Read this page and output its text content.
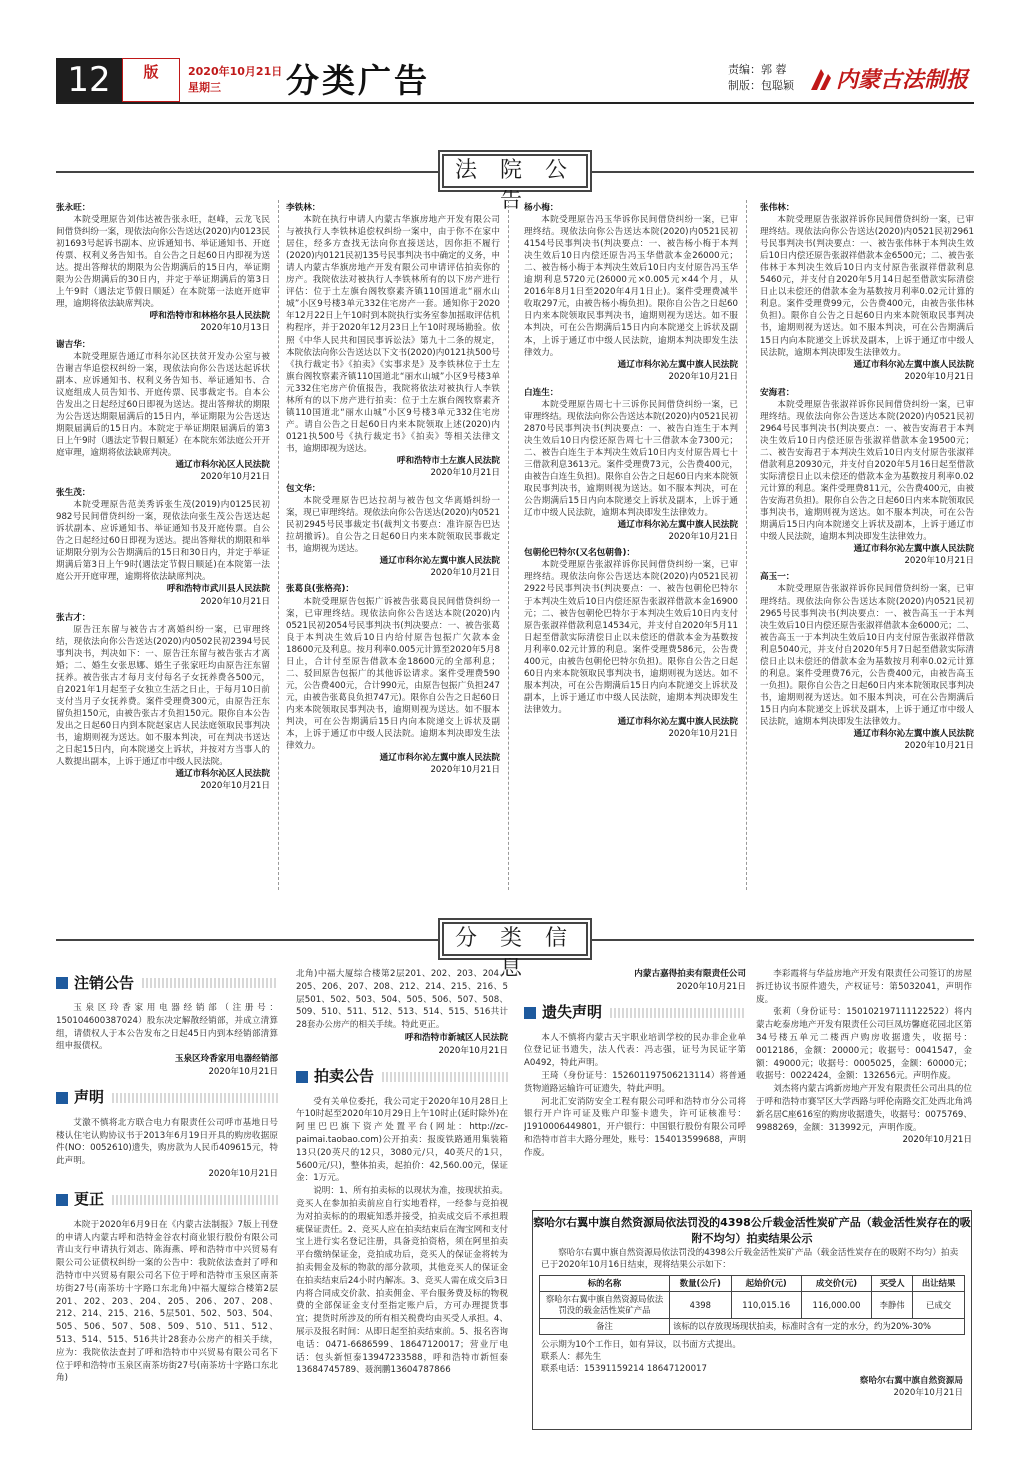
12	版	2020年10月21日
星期三	分类广告	责编：郭 蓉
制版：包聪颖	内蒙古法制报
法 院 公 告
张永旺：
本院受理原告刘伟达被告张永旺，赵峰，云龙飞民间借贷纠纷一案，现依法向你公告送达(2020)内0123民初1693号起诉书副本、应诉通知书、举证通知书、开庭传票、权利义务告知书。自公告之日起60日内即视为送达。提出答辩状的期限为公告期满后的15日内，举证期限为公告期满后的30日内，并定于举证期满后的第3日上午9时（遇法定节假日顺延）在本院第一法庭开庭审理，逾期将依法缺席判决。
呼和浩特市和林格尔县人民法院
2020年10月13日
谢吉华：
本院受理原告通辽市科尔沁区扶贫开发办公室与被告谢吉华追偿权纠纷一案，现依法向你公告送达起诉状副本、应诉通知书、权利义务告知书、举证通知书、合议庭组成人员告知书、开庭传票、民事裁定书。自本公告发出之日起经过60日即视为送达。提出答辩状的期限为公告送达期限届满后的15日内，举证期限为公告送达期限届满后的15日内。本院定于举证期限届满后的第3日上午9时（遇法定节假日顺延）在本院东郊法庭公开开庭审理，逾期将依法缺席判决。
通辽市科尔沁区人民法院
2020年10月21日
张生茂：
本院受理原告范美秀诉张生茂(2019)内0125民初982号民间借贷纠纷一案，现依法向张生茂公告送达起诉状副本、应诉通知书、举证通知书及开庭传票。自公告之日起经过60日即视为送达。提出答辩状的期限和举证期限分别为公告期满后的15日和30日内，并定于举证期满后第3日上午9时(遇法定节假日顺延)在本院第一法庭公开开庭审理，逾期将依法缺席判决。
呼和浩特市武川县人民法院
2020年10月21日
张古才：
原告汪东留与被告古才离婚纠纷一案，已审理终结，现依法向你公告送达(2020)内0502民初2394号民事判决书，判决如下：一、原告汪东留与被告张古才离婚；二、婚生女张思娜、婚生子张家旺均由原告汪东留抚养。被告张古才每月支付每名子女抚养费各500元，自2021年1月起至子女独立生活之日止，于每月10日前支付当月子女抚养费。案件受理费300元，由原告汪东留负担150元，由被告张古才负担150元。限你自本公告发出之日起60日内到本院赵家店人民法庭领取民事判决书，逾期则视为送达。如不服本判决，可在判决书送达之日起15日内，向本院递交上诉状，并按对方当事人的人数提出副本，上诉于通辽市中级人民法院。
通辽市科尔沁区人民法院
2020年10月21日
李铁林：
本院在执行申请人内蒙古华旗房地产开发有限公司与被执行人李铁林追偿权纠纷一案中，由于你不在家中居住，经多方查找无法向你直接送达，因你拒不履行(2020)内0121民初135号民事判决书中确定的义务，申请人内蒙古华旗房地产开发有限公司申请评估拍卖你的房产。我院依法对被执行人李铁林所有的以下房产进行评估：位于土左旗台阁牧察素齐镇110国道北“丽水山城”小区9号楼3单元332住宅房产一套。通知你于2020年12月22日上午10时到本院执行实务室参加摇取评估机构程序，并于2020年12月23日上午10时现场勘验。依照《中华人民共和国民事诉讼法》第九十二条的规定，本院依法向你公告送达以下文书(2020)内0121执500号《执行裁定书》《拍卖》《实事求是》及李铁林位于土左旗台阁牧察素齐镇110国道北“丽水山城”小区9号楼3单元332住宅房产价值报告，我院将依法对被执行人李铁林所有的以下房产进行拍卖：位于土左旗台阁牧察素齐镇110国道北“丽水山城”小区9号楼3单元332住宅房产。请自公告之日起60日内来本院领取上述(2020)内0121执500号《执行裁定书》《拍卖》等相关法律文书，逾期即视为送达。
呼和浩特市土左旗人民法院
2020年10月21日
包文华：
本院受理原告巴达拉胡与被告包文华离婚纠纷一案，现已审理终结。现依法向你公告送达(2020)内0521民初2945号民事裁定书(裁判文书要点：准许原告巴达拉胡撤诉)。自公告之日起60日内来本院领取民事裁定书，逾期视为送达。
通辽市科尔沁左翼中旗人民法院
2020年10月21日
张葛良(张格亮)：
本院受理原告包振广诉被告张葛良民间借贷纠纷一案，已审理终结。现依法向你公告送达本院(2020)内0521民初2054号民事判决书(判决要点：一、被告张葛良于本判决生效后10日内给付原告包振广欠款本金18600元及利息。按月利率0.005元计算至2020年5月8日止，合计付至原告借款本金18600元的全部利息；二、驳回原告包振广的其他诉讼请求。案件受理费590元，公告费400元，合计990元，由原告包振广负担247元，由被告张葛良负担747元)。限你自公告之日起60日内来本院领取民事判决书，逾期则视为送达。如不服本判决，可在公告期满后15日内向本院递交上诉状及副本，上诉于通辽市中级人民法院。逾期本判决即发生法律效力。
通辽市科尔沁左翼中旗人民法院
2020年10月21日
杨小梅：
本院受理原告冯玉华诉你民间借贷纠纷一案，已审理终结。现依法向你公告送达本院(2020)内0521民初4154号民事判决书(判决要点：一、被告杨小梅于本判决生效后10日内偿还原告冯玉华借款本金26000元；二、被告杨小梅于本判决生效后10日内支付原告冯玉华逾期利息5720元(26000元×0.005元×44个月，从2016年8月1日至2020年4月1日止)。案件受理费减半收取297元，由被告杨小梅负担)。限你自公告之日起60日内来本院领取民事判决书，逾期则视为送达。如不服本判决，可在公告期满后15日内向本院递交上诉状及副本，上诉于通辽市中级人民法院，逾期本判决即发生法律效力。
通辽市科尔沁左翼中旗人民法院
2020年10月21日
白连生：
本院受理原告周七十三诉你民间借贷纠纷一案，已审理终结。现依法向你公告送达本院(2020)内0521民初2870号民事判决书(判决要点：一、被告白连生于本判决生效后10日内偿还原告周七十三借款本金7300元；二、被告白连生于本判决生效后10日内支付原告周七十三借款利息3613元。案件受理费73元，公告费400元，由被告白连生负担)。限你自公告之日起60日内来本院领取民事判决书，逾期则视为送达。如不服本判决，可在公告期满后15日内向本院递交上诉状及副本，上诉于通辽市中级人民法院，逾期本判决即发生法律效力。
通辽市科尔沁左翼中旗人民法院
2020年10月21日
包朝伦巴特尔(又名包朝鲁)：
本院受理原告张淑祥诉你民间借贷纠纷一案，已审理终结。现依法向你公告送达本院(2020)内0521民初2922号民事判决书(判决要点：一、被告包朝伦巴特尔于本判决生效后10日内偿还原告张淑祥借款本金16900元；二、被告包朝伦巴特尔于本判决生效后10日内支付原告张淑祥借款利息14534元，并支付自2020年5月11日起至借款实际清偿日止以未偿还的借款本金为基数按月利率0.02元计算的利息。案件受理费586元，公告费400元，由被告包朝伦巴特尔负担)。限你自公告之日起60日内来本院领取民事判决书，逾期则视为送达。如不服本判决，可在公告期满后15日内向本院递交上诉状及副本，上诉于通辽市中级人民法院，逾期本判决即发生法律效力。
通辽市科尔沁左翼中旗人民法院
2020年10月21日
张伟林：
本院受理原告张淑祥诉你民间借贷纠纷一案，已审理终结。现依法向你公告送达(2020)内0521民初2961号民事判决书(判决要点：一、被告张伟林于本判决生效后10日内偿还原告张淑祥借款本金6500元；二、被告张伟林于本判决生效后10日内支付原告张淑祥借款利息5460元，并支付自2020年5月14日起至借款实际清偿日止以未偿还的借款本金为基数按月利率0.02元计算的利息。案件受理费99元，公告费400元，由被告张伟林负担)。限你自公告之日起60日内来本院领取民事判决书，逾期则视为送达。如不服本判决，可在公告期满后15日内向本院递交上诉状及副本，上诉于通辽市中级人民法院，逾期本判决即发生法律效力。
通辽市科尔沁左翼中旗人民法院
2020年10月21日
安海君：
本院受理原告张淑祥诉你民间借贷纠纷一案，已审理终结。现依法向你公告送达本院(2020)内0521民初2964号民事判决书(判决要点：一、被告安海君于本判决生效后10日内偿还原告张淑祥借款本金19500元；二、被告安海君于本判决生效后10日内支付原告张淑祥借款利息20930元，并支付自2020年5月16日起至借款实际清偿日止以未偿还的借款本金为基数按月利率0.02元计算的利息。案件受理费811元，公告费400元，由被告安海君负担)。限你自公告之日起60日内来本院领取民事判决书，逾期则视为送达。如不服本判决，可在公告期满后15日内向本院递交上诉状及副本，上诉于通辽市中级人民法院，逾期本判决即发生法律效力。
通辽市科尔沁左翼中旗人民法院
2020年10月21日
高玉一：
本院受理原告张淑祥诉你民间借贷纠纷一案，已审理终结。现依法向你公告送达本院(2020)内0521民初2965号民事判决书(判决要点：一、被告高玉一于本判决生效后10日内偿还原告张淑祥借款本金6000元；二、被告高玉一于本判决生效后10日内支付原告张淑祥借款利息5040元，并支付自2020年5月7日起至借款实际清偿日止以未偿还的借款本金为基数按月利率0.02元计算的利息。案件受理费76元，公告费400元，由被告高玉一负担)。限你自公告之日起60日内来本院领取民事判决书，逾期则视为送达。如不服本判决，可在公告期满后15日内向本院递交上诉状及副本，上诉于通辽市中级人民法院，逾期本判决即发生法律效力。
通辽市科尔沁左翼中旗人民法院
2020年10月21日
分 类 信 息
注销公告
玉泉区玲香家用电器经销部（注册号：150104600387024）股东决定解散经销部，并成立清算组，请债权人于本公告发布之日起45日内到本经销部清算组申报债权。
玉泉区玲香家用电器经销部
2020年10月21日
声明
艾激不慎将北方联合电力有限责任公司呼市基地日号楼认住宅认购协议书于2013年6月19日开具的购房收据原件(NO：0052610)遗失，购房款为人民币409615元，特此声明。
2020年10月21日
更正
本院于2020年6月9日在《内蒙古法制报》7版上刊登的申请人内蒙古呼和浩特金谷农村商业银行股份有限公司青山支行申请执行刘志、陈海燕、呼和浩特市中兴贸易有限公司公证债权纠纷一案的公告中：我院依法查封了呼和浩特市中兴贸易有限公司名下位于呼和浩特市玉泉区南茶坊街27号(南茶坊十字路口东北角)中福大厦综合楼第2层201、202、203、204、205、206、207、208、212、214、215、216、5层501、502、503、504、505、506、507、508、509、510、511、512、513、514、515、516共计28套办公房产的相关手续，应为：我院依法查封了呼和浩特市中兴贸易有限公司名下位于呼和浩特市玉泉区南茶坊街27号(南茶坊十字路口东北角)
北角)中福大厦综合楼第2层201、202、203、204、205、206、207、208、212、214、215、216、5层501、502、503、504、505、506、507、508、509、510、511、512、513、514、515、516共计28套办公房产的相关手续。特此更正。
呼和浩特市新城区人民法院
2020年10月21日
拍卖公告
受有关单位委托，我公司定于2020年10月28日上午10时起至2020年10月29日上午10时止(延时除外)在阿里巴巴旗下资产处置平台(网址：http://zc-paimai.taobao.com)公开拍卖：报废铁路通用集装箱13只(20英尺的12只，3080元/只，40英尺的1只，5600元/只)，整体拍卖，起拍价：42,560.00元，保证金：1万元。
说明：1、所有拍卖标的以现状为准，按现状拍卖。竞买人在参加拍卖前应自行实地看样，一经参与竞拍视为对拍卖标的的瑕疵知悉并接受，拍卖成交后不承担瑕疵保证责任。2、竞买人应在拍卖结束后在淘宝网和支付宝上进行实名登记注册，具备竞拍资格，须在阿里拍卖平台缴纳保证金，竞拍成功后，竞买人的保证金将转为拍卖佣金及标的物款的部分款项，其他竞买人的保证金在拍卖结束后24小时内解冻。3、竞买人需在成交后3日内将合同成交价款、拍卖佣金、平台服务费及标的物税费的全部保证金支付至指定账户后，方可办理提货事宜；提货时所涉及的所有相关税费均由买受人承担。4、展示及报名时间：从即日起至拍卖结束前。5、报名咨询电话：0471-6686599、18647120017；营业厅电话：包头新恒泰13947233588，呼和浩特市新恒泰13684745789、聂润鹏13604787866
内蒙古嘉得拍卖有限责任公司
2020年10月21日
遗失声明
本人不慎将内蒙古天宇职业培训学校的民办非企业单位登记证书遗失，法人代表：冯志强，证号为民证字第A0492，特此声明。
王琦（身份证号：152601197506213114）将普通货物道路运输许可证遗失，特此声明。
河北汇安消防安全工程有限公司呼和浩特市分公司将银行开户许可证及账户印鉴卡遗失，许可证核准号：J1910006449801，开户银行：中国银行股份有限公司呼和浩特市首丰大路分理处，账号：154013599688，声明作废。
李彩霞将与华益房地产开发有限责任公司签订的房屋拆迁协议书原件遗失，产权证号：第5032041，声明作废。
张莉（身份证号：150102197111122522）将内蒙古屹泰房地产开发有限责任公司巨凤坊馨庭花园北区第34号楼五单元二楼西户购房收据遗失，收据号：0012186，金额：20000元；收据号：0041547，金额：49000元；收据号：0005025，金额：60000元；收据号：0022424，金额：132656元。声明作废。
刘杰将内蒙古鸿新房地产开发有限责任公司出具的位于呼和浩特市赛罕区大学西路与呼伦南路交汇处西北角鸿新名居C座616室的购房收据遗失，收据号：0075769、9988269，金额：313992元，声明作废。
2020年10月21日
察哈尔右翼中旗自然资源局依法罚没的4398公斤载金活性炭矿产品（载金活性炭存在的吸附不均匀）拍卖结果公示

察哈尔右翼中旗自然资源局依法罚没的4398公斤载金活性炭矿产品（载金活性炭存在的吸附不均匀）拍卖已于2020年10月16日结束，现将结果公示如下：

标的名称	数量(公斤)	起始价(元)	成交价(元)	买受人	出让结果
察哈尔右翼中旗自然资源局依法罚没的载金活性炭矿产品	4398	110,015.16	116,000.00	李静伟	已成交
备注	该标的以存放现场现状拍卖，标准时含有一定的水分，约为20%-30%				

公示期为10个工作日，如有异议，以书面方式提出。

联系人：郝先生

联系电话：15391159214 18647120017

察哈尔右翼中旗自然资源局

2020年10月21日
